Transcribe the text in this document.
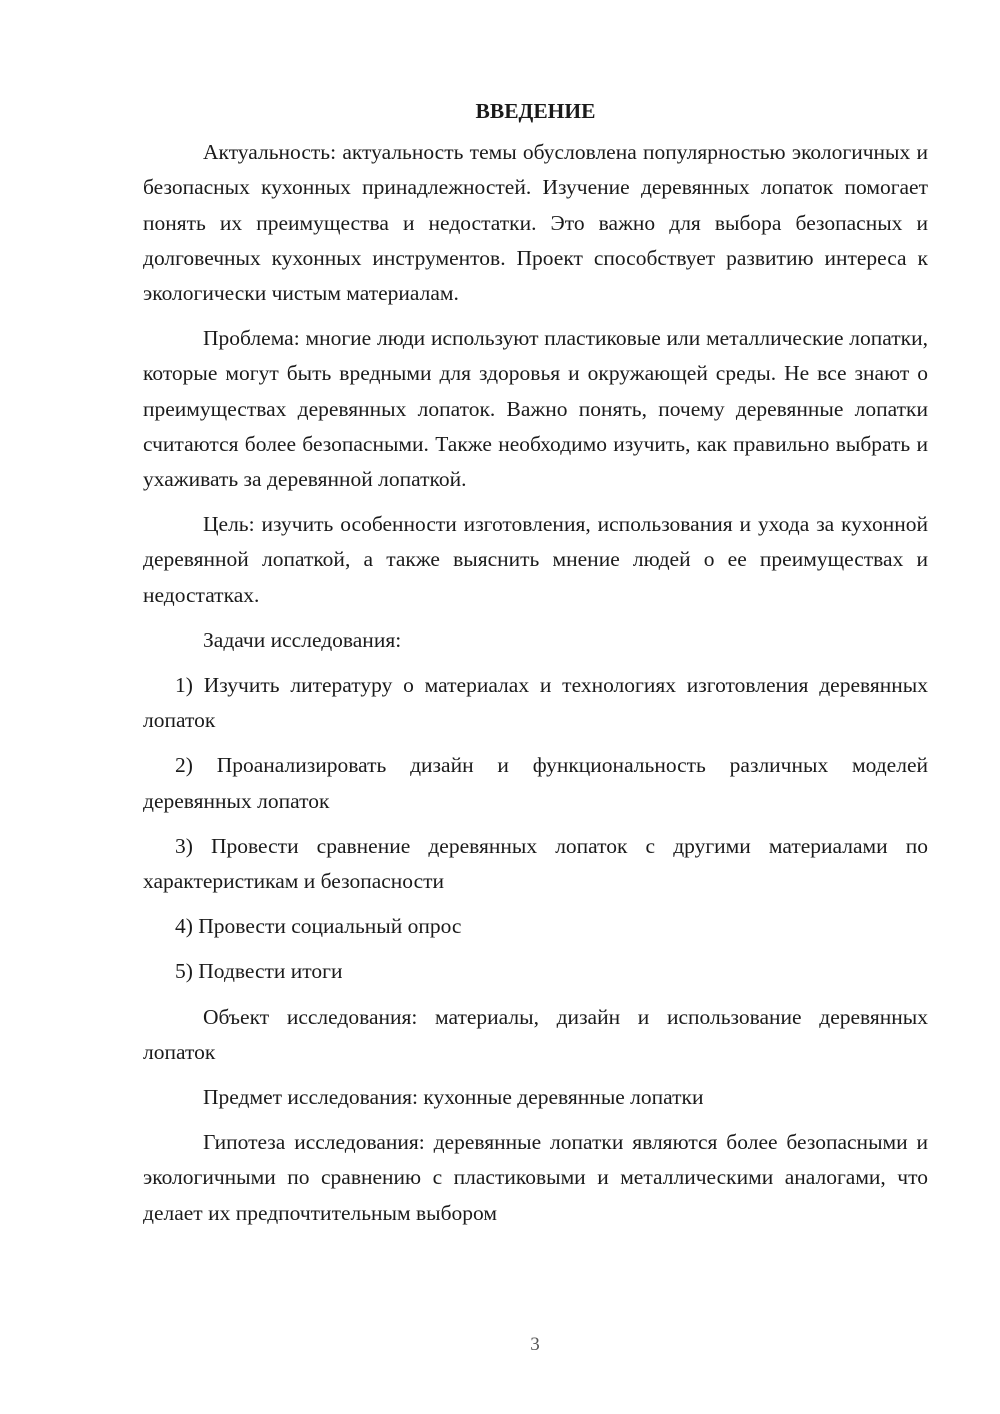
ВВЕДЕНИЕ

Актуальность: актуальность темы обусловлена популярностью экологичных и безопасных кухонных принадлежностей. Изучение деревянных лопаток помогает понять их преимущества и недостатки. Это важно для выбора безопасных и долговечных кухонных инструментов. Проект способствует развитию интереса к экологически чистым материалам.

Проблема: многие люди используют пластиковые или металлические лопатки, которые могут быть вредными для здоровья и окружающей среды. Не все знают о преимуществах деревянных лопаток. Важно понять, почему деревянные лопатки считаются более безопасными. Также необходимо изучить, как правильно выбрать и ухаживать за деревянной лопаткой.

Цель: изучить особенности изготовления, использования и ухода за кухонной деревянной лопаткой, а также выяснить мнение людей о ее преимуществах и недостатках.

Задачи исследования:

1) Изучить литературу о материалах и технологиях изготовления деревянных лопаток

2) Проанализировать дизайн и функциональность различных моделей деревянных лопаток

3) Провести сравнение деревянных лопаток с другими материалами по характеристикам и безопасности

4) Провести социальный опрос

5) Подвести итоги

Объект исследования: материалы, дизайн и использование деревянных лопаток

Предмет исследования: кухонные деревянные лопатки

Гипотеза исследования: деревянные лопатки являются более безопасными и экологичными по сравнению с пластиковыми и металлическими аналогами, что делает их предпочтительным выбором

3
